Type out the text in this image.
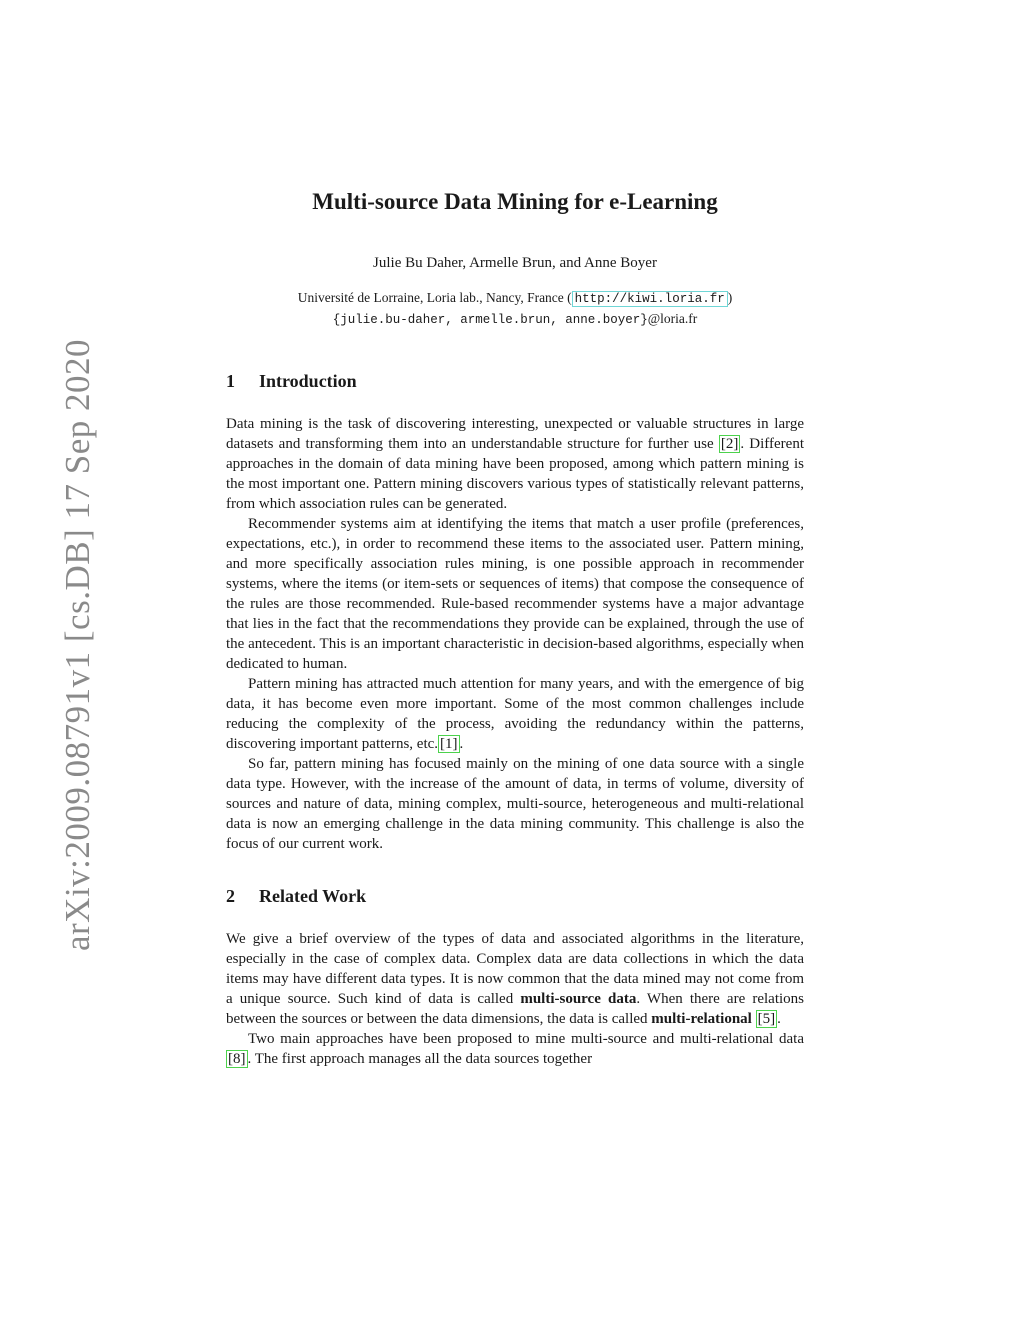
arXiv:2009.08791v1 [cs.DB] 17 Sep 2020
Multi-source Data Mining for e-Learning
Julie Bu Daher, Armelle Brun, and Anne Boyer
Université de Lorraine, Loria lab., Nancy, France ( http://kiwi.loria.fr )
{julie.bu-daher, armelle.brun, anne.boyer}@loria.fr
1 Introduction

Data mining is the task of discovering interesting, unexpected or valuable structures in large datasets and transforming them into an understandable structure for further use [2] . Different approaches in the domain of data mining have been proposed, among which pattern mining is the most important one. Pattern mining discovers various types of statistically relevant patterns, from which association rules can be generated.

Recommender systems aim at identifying the items that match a user profile (preferences, expectations, etc.), in order to recommend these items to the associated user. Pattern mining, and more specifically association rules mining, is one possible approach in recommender systems, where the items (or item-sets or sequences of items) that compose the consequence of the rules are those recommended. Rule-based recommender systems have a major advantage that lies in the fact that the recommendations they provide can be explained, through the use of the antecedent. This is an important characteristic in decision-based algorithms, especially when dedicated to human.

Pattern mining has attracted much attention for many years, and with the emergence of big data, it has become even more important. Some of the most common challenges include reducing the complexity of the process, avoiding the redundancy within the patterns, discovering important patterns, etc. [1] .

So far, pattern mining has focused mainly on the mining of one data source with a single data type. However, with the increase of the amount of data, in terms of volume, diversity of sources and nature of data, mining complex, multi-source, heterogeneous and multi-relational data is now an emerging challenge in the data mining community. This challenge is also the focus of our current work.

2 Related Work

We give a brief overview of the types of data and associated algorithms in the literature, especially in the case of complex data. Complex data are data collections in which the data items may have different data types. It is now common that the data mined may not come from a unique source. Such kind of data is called multi-source data. When there are relations between the sources or between the data dimensions, the data is called multi-relational [5] .

Two main approaches have been proposed to mine multi-source and multi-relational data [8] . The first approach manages all the data sources together
